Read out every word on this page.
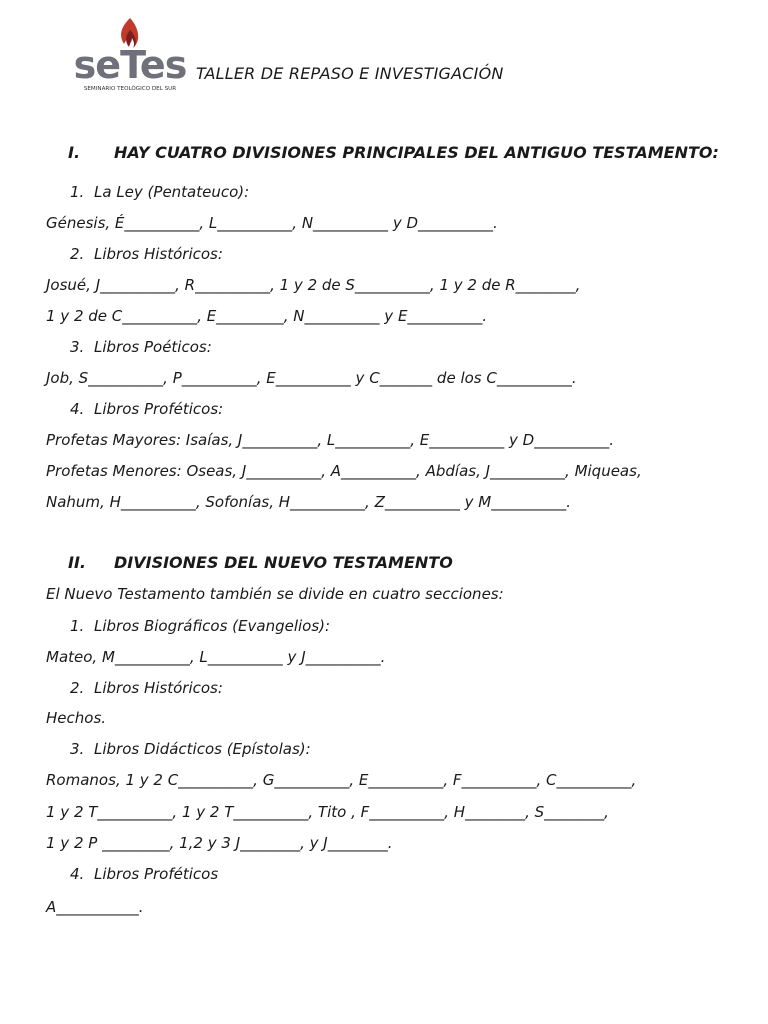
seTes
SEMINARIO TEOLÓGICO DEL SUR
TALLER DE REPASO E INVESTIGACIÓN
I. HAY CUATRO DIVISIONES PRINCIPALES DEL ANTIGUO TESTAMENTO:
1. La Ley (Pentateuco):
Génesis, É__________, L__________, N__________ y D__________.
2. Libros Históricos:
Josué, J__________, R__________, 1 y 2 de S__________, 1 y 2 de R________,
1 y 2 de C__________, E_________, N__________ y E__________.
3. Libros Poéticos:
Job, S__________, P__________, E__________ y C_______ de los C__________.
4. Libros Proféticos:
Profetas Mayores: Isaías, J__________, L__________, E__________ y D__________.
Profetas Menores: Oseas, J__________, A__________, Abdías, J__________, Miqueas,
Nahum, H__________, Sofonías, H__________, Z__________ y M__________.
II. DIVISIONES DEL NUEVO TESTAMENTO
El Nuevo Testamento también se divide en cuatro secciones:
1. Libros Biográficos (Evangelios):
Mateo, M__________, L__________ y J__________.
2. Libros Históricos:
Hechos.
3. Libros Didácticos (Epístolas):
Romanos, 1 y 2 C__________, G__________, E__________, F__________, C__________,
1 y 2 T__________, 1 y 2 T__________, Tito , F__________, H________, S________,
1 y 2 P _________, 1,2 y 3 J________, y J________.
4. Libros Proféticos
A___________.
